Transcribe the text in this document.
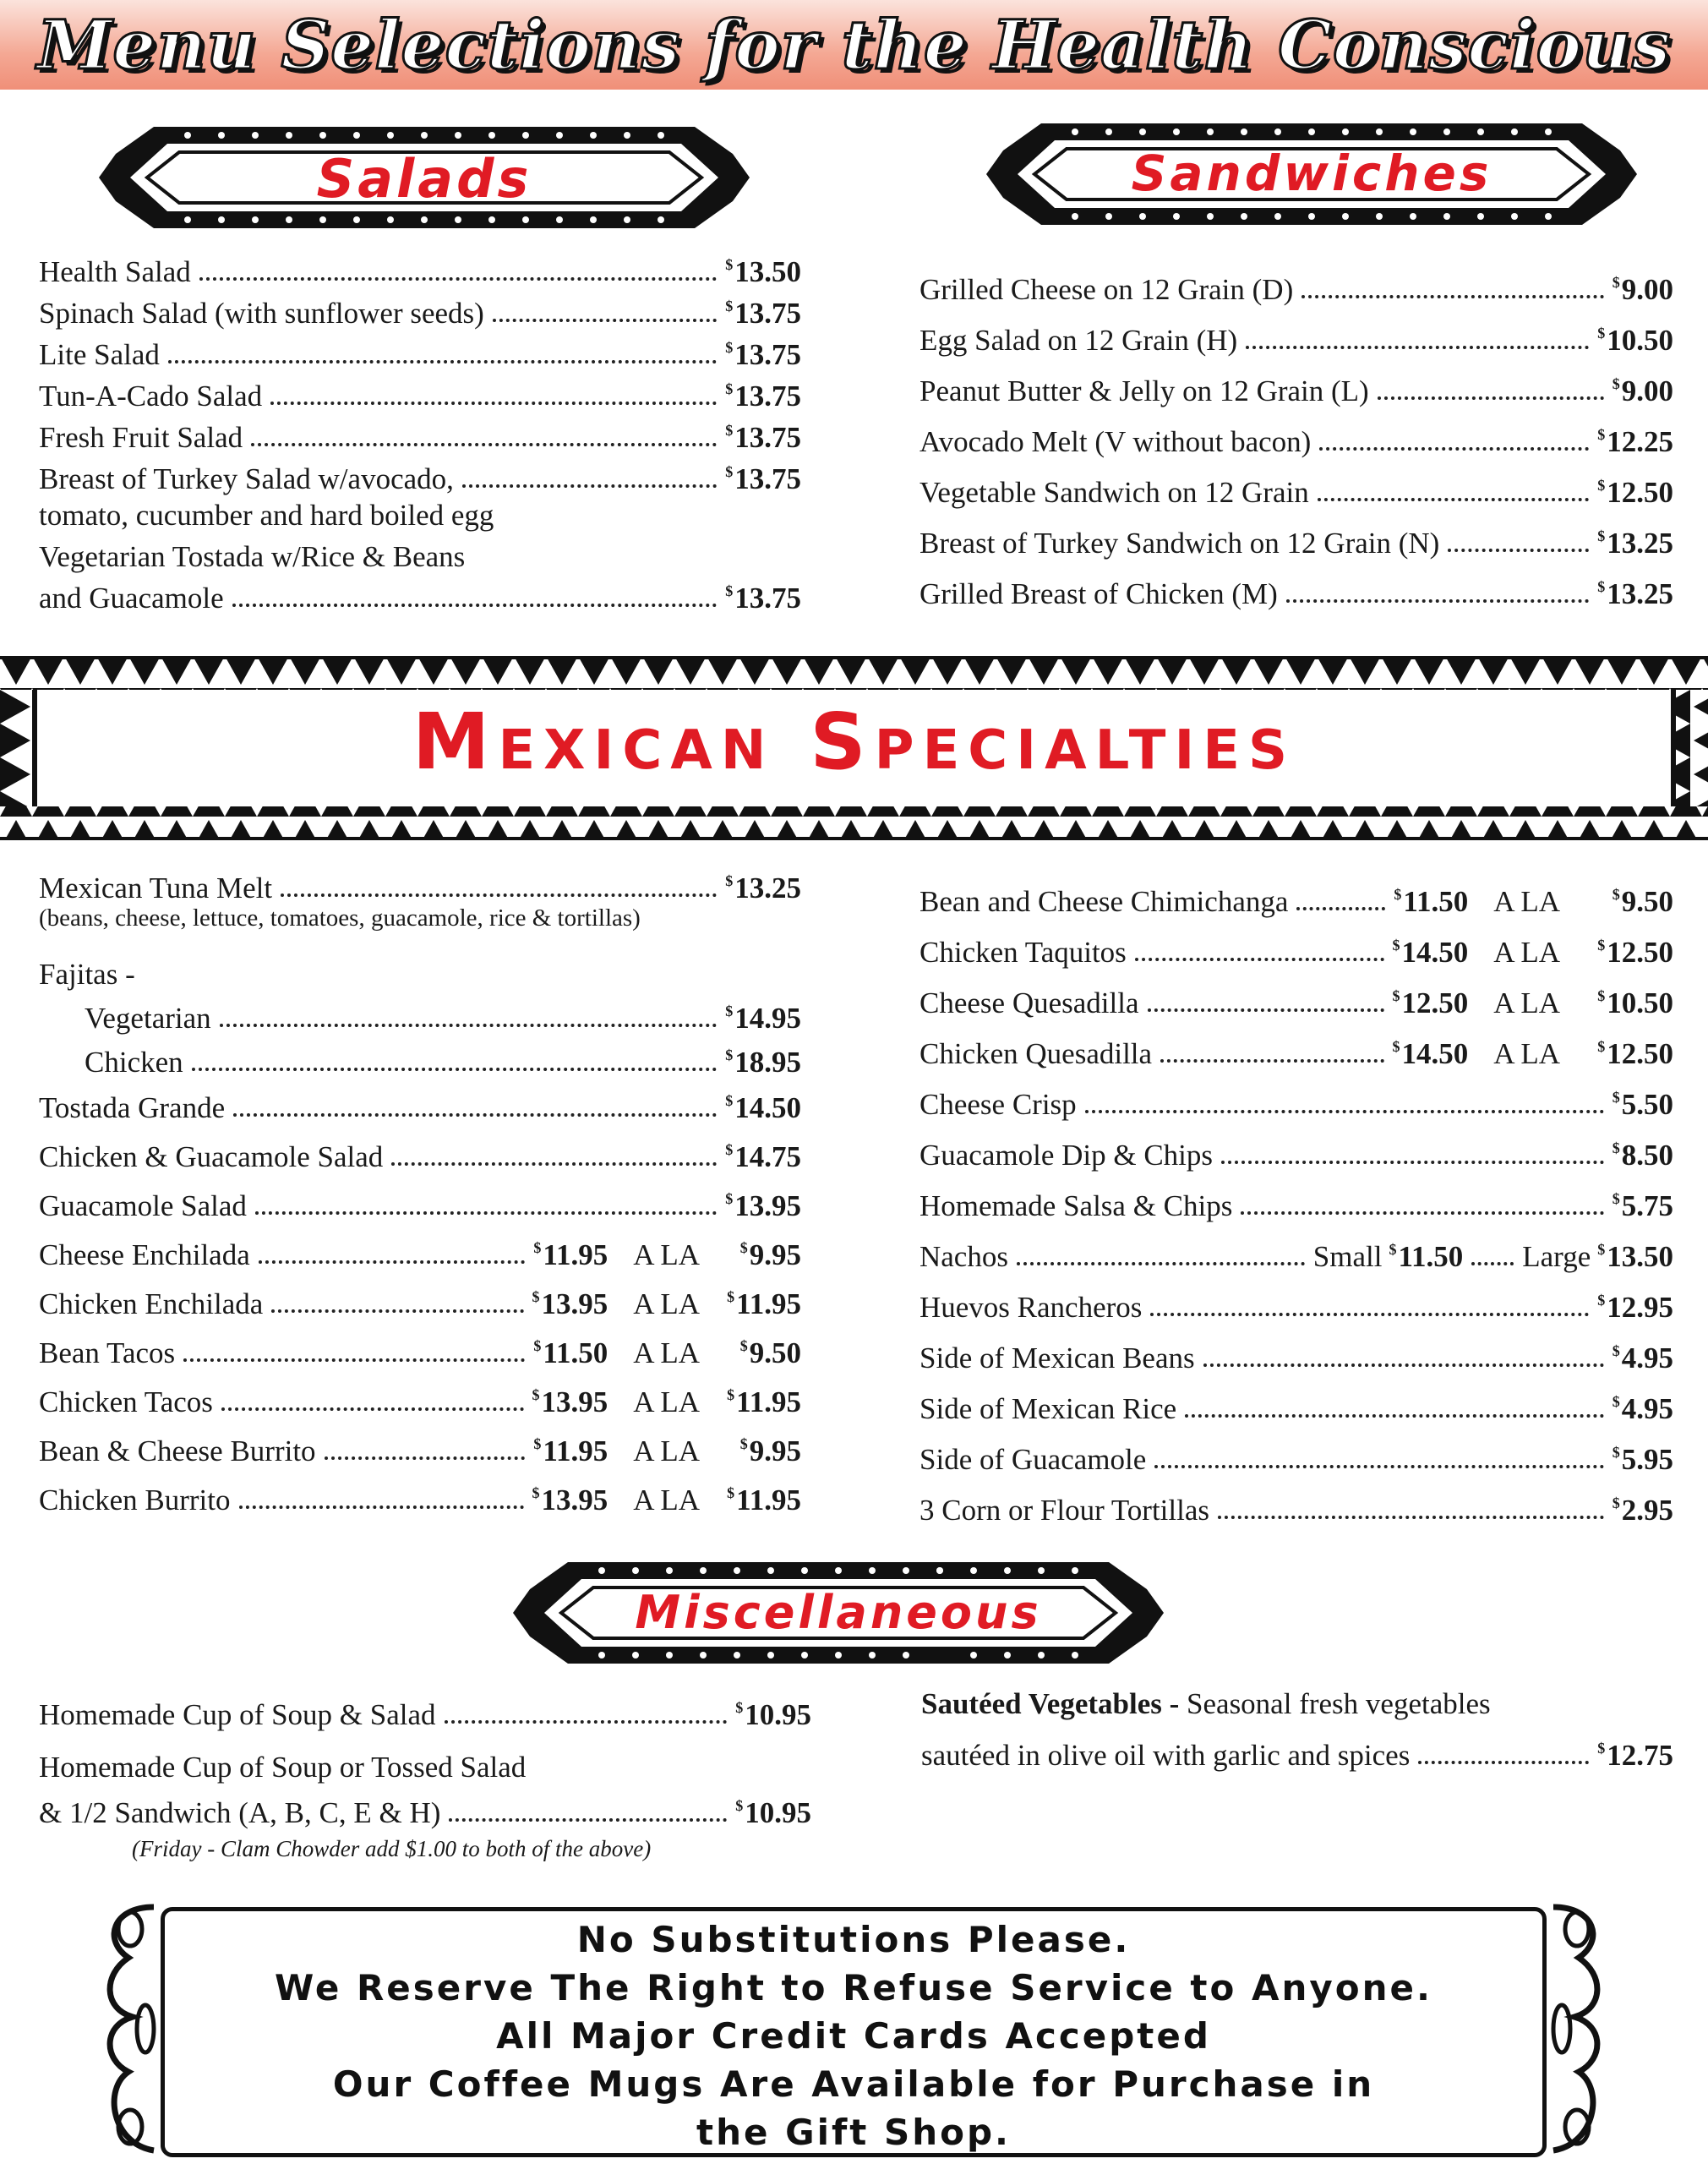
Menu Selections for the Health Conscious
Salads	Sandwiches
Health Salad	$13.50
Spinach Salad (with sunflower seeds)	$13.75
Lite Salad	$13.75
Tun-A-Cado Salad	$13.75
Fresh Fruit Salad	$13.75
Breast of Turkey Salad w/avocado,	$13.75
tomato, cucumber and hard boiled egg
Vegetarian Tostada w/Rice & Beans
and Guacamole	$13.75
Grilled Cheese on 12 Grain (D)	$9.00
Egg Salad on 12 Grain (H)	$10.50
Peanut Butter & Jelly on 12 Grain (L)	$9.00
Avocado Melt (V without bacon)	$12.25
Vegetable Sandwich on 12 Grain	$12.50
Breast of Turkey Sandwich on 12 Grain (N)	$13.25
Grilled Breast of Chicken (M)	$13.25
Mexican Specialties
Mexican Tuna Melt	$13.25
(beans, cheese, lettuce, tomatoes, guacamole, rice & tortillas)
Fajitas -
Vegetarian	$14.95
Chicken	$18.95
Tostada Grande	$14.50
Chicken & Guacamole Salad	$14.75
Guacamole Salad	$13.95
Cheese Enchilada	$11.95 A LA	$9.95
Chicken Enchilada	$13.95 A LA	$11.95
Bean Tacos	$11.50 A LA	$9.50
Chicken Tacos	$13.95 A LA	$11.95
Bean & Cheese Burrito	$11.95 A LA	$9.95
Chicken Burrito	$13.95 A LA	$11.95
Bean and Cheese Chimichanga	$11.50 A LA	$9.50
Chicken Taquitos	$14.50 A LA	$12.50
Cheese Quesadilla	$12.50 A LA	$10.50
Chicken Quesadilla	$14.50 A LA	$12.50
Cheese Crisp	$5.50
Guacamole Dip & Chips	$8.50
Homemade Salsa & Chips	$5.75
Nachos	Small $11.50 Large $13.50
Huevos Rancheros	$12.95
Side of Mexican Beans	$4.95
Side of Mexican Rice	$4.95
Side of Guacamole	$5.95
3 Corn or Flour Tortillas	$2.95
Miscellaneous
Homemade Cup of Soup & Salad	$10.95
Homemade Cup of Soup or Tossed Salad
& 1/2 Sandwich (A, B, C, E & H)	$10.95
(Friday - Clam Chowder add $1.00 to both of the above)
Sautéed Vegetables - Seasonal fresh vegetables
sautéed in olive oil with garlic and spices	$12.75
No Substitutions Please.
We Reserve The Right to Refuse Service to Anyone.
All Major Credit Cards Accepted
Our Coffee Mugs Are Available for Purchase in
the Gift Shop.
